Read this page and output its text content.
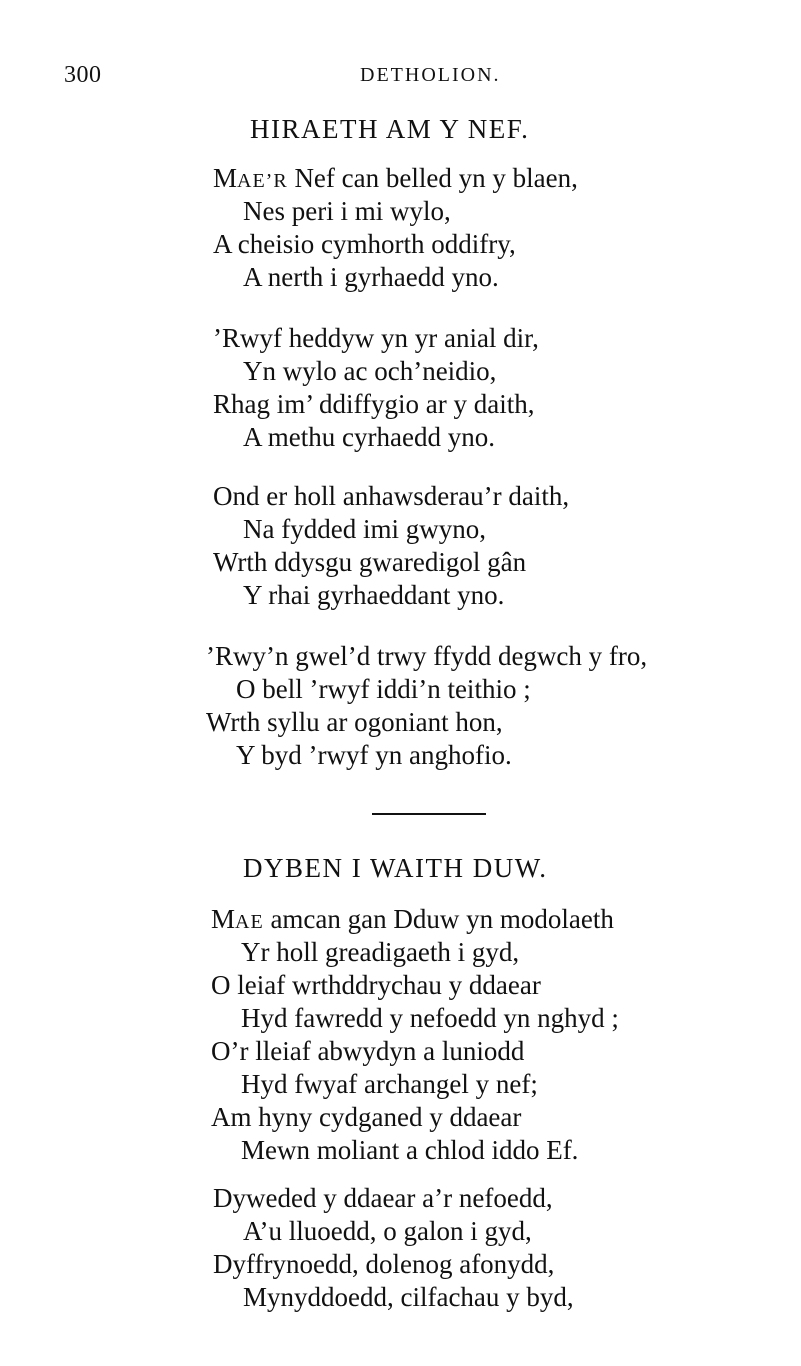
300	DETHOLION.
HIRAETH AM Y NEF.
MAE’R Nef can belled yn y blaen,
Nes peri i mi wylo,
A cheisio cymhorth oddifry,
A nerth i gyrhaedd yno.
’Rwyf heddyw yn yr anial dir,
Yn wylo ac och’neidio,
Rhag im’ ddiffygio ar y daith,
A methu cyrhaedd yno.
Ond er holl anhawsderau’r daith,
Na fydded imi gwyno,
Wrth ddysgu gwaredigol gân
Y rhai gyrhaeddant yno.
’Rwy’n gwel’d trwy ffydd degwch y fro,
O bell ’rwyf iddi’n teithio ;
Wrth syllu ar ogoniant hon,
Y byd ’rwyf yn anghofio.
DYBEN I WAITH DUW.
MAE amcan gan Dduw yn modolaeth
Yr holl greadigaeth i gyd,
O leiaf wrthddrychau y ddaear
Hyd fawredd y nefoedd yn nghyd ;
O’r lleiaf abwydyn a luniodd
Hyd fwyaf archangel y nef;
Am hyny cydganed y ddaear
Mewn moliant a chlod iddo Ef.
Dyweded y ddaear a’r nefoedd,
A’u lluoedd, o galon i gyd,
Dyffrynoedd, dolenog afonydd,
Mynyddoedd, cilfachau y byd,
